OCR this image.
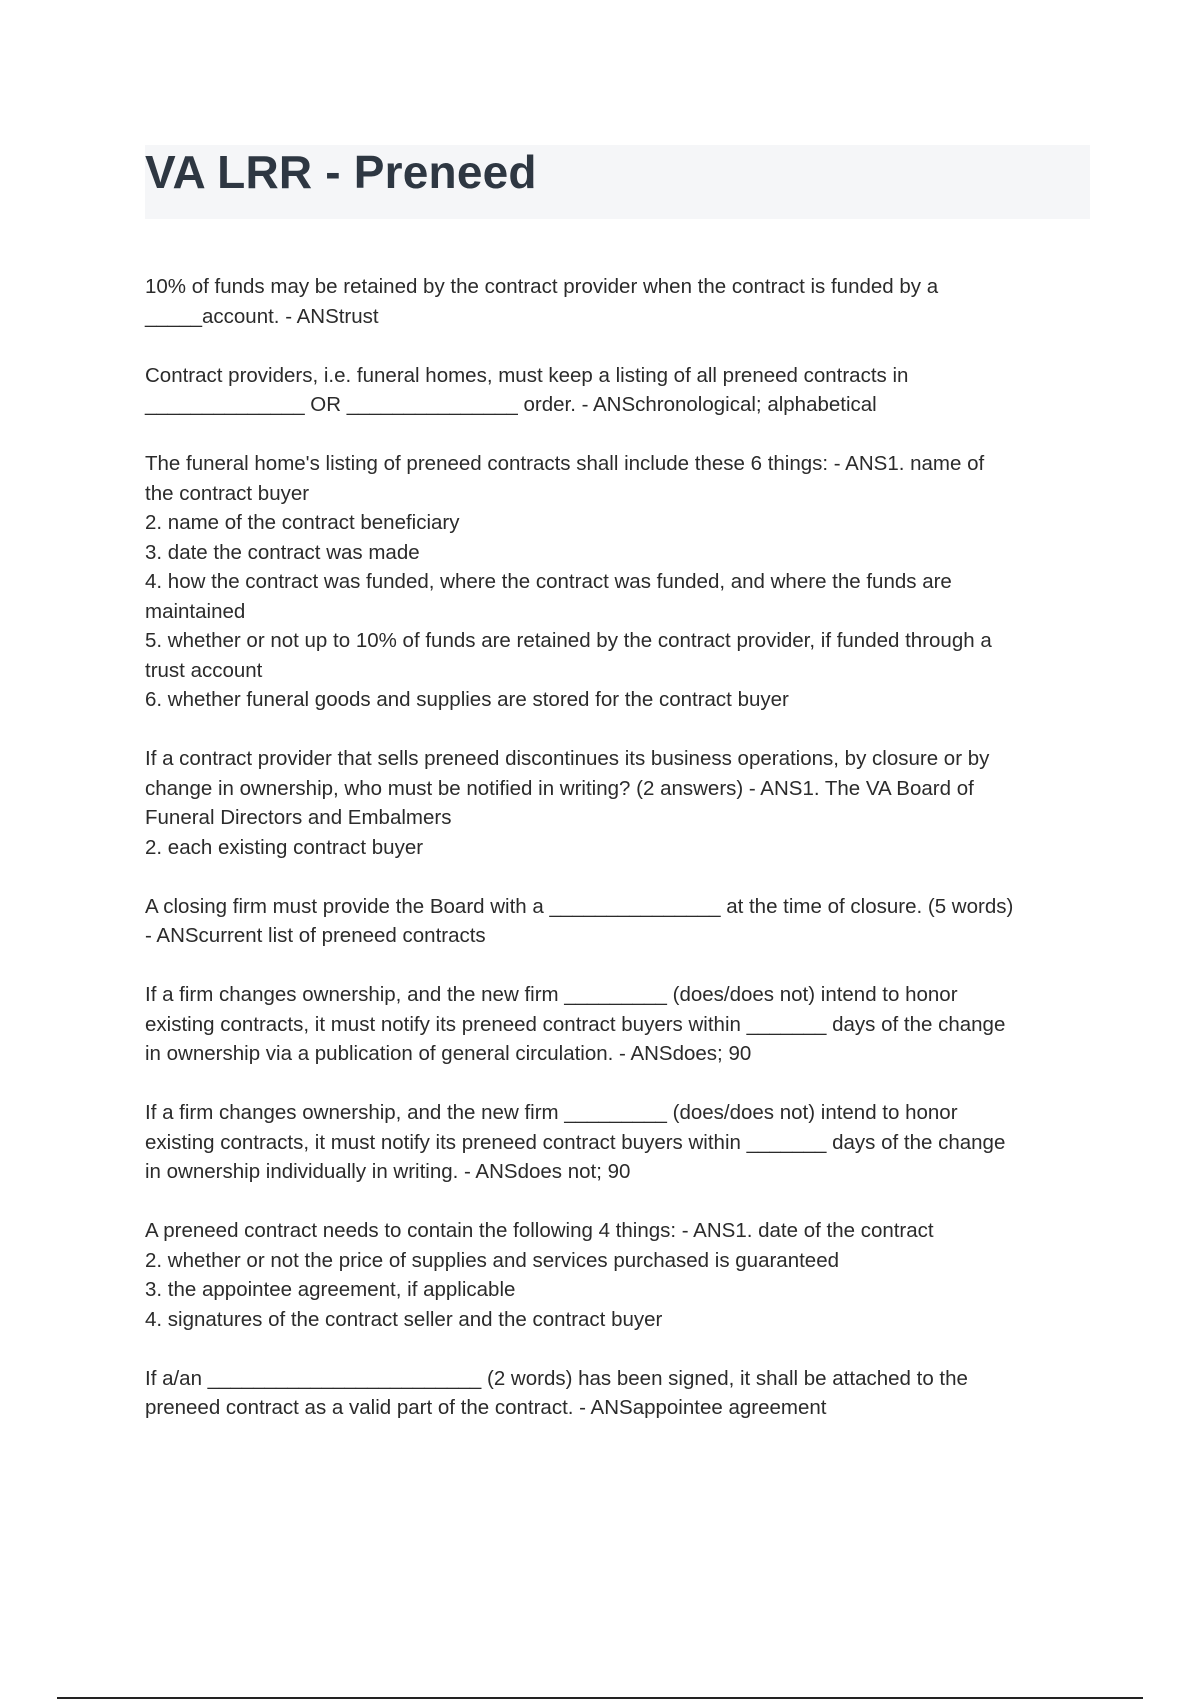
VA LRR - Preneed

10% of funds may be retained by the contract provider when the contract is funded by a

_____account. - ANStrust

Contract providers, i.e. funeral homes, must keep a listing of all preneed contracts in

______________ OR _______________ order. - ANSchronological; alphabetical

The funeral home's listing of preneed contracts shall include these 6 things: - ANS1. name of

the contract buyer

2. name of the contract beneficiary

3. date the contract was made

4. how the contract was funded, where the contract was funded, and where the funds are

maintained

5. whether or not up to 10% of funds are retained by the contract provider, if funded through a

trust account

6. whether funeral goods and supplies are stored for the contract buyer

If a contract provider that sells preneed discontinues its business operations, by closure or by

change in ownership, who must be notified in writing? (2 answers) - ANS1. The VA Board of

Funeral Directors and Embalmers

2. each existing contract buyer

A closing firm must provide the Board with a _______________ at the time of closure. (5 words)

- ANScurrent list of preneed contracts

If a firm changes ownership, and the new firm _________ (does/does not) intend to honor

existing contracts, it must notify its preneed contract buyers within _______ days of the change

in ownership via a publication of general circulation. - ANSdoes; 90

If a firm changes ownership, and the new firm _________ (does/does not) intend to honor

existing contracts, it must notify its preneed contract buyers within _______ days of the change

in ownership individually in writing. - ANSdoes not; 90

A preneed contract needs to contain the following 4 things: - ANS1. date of the contract

2. whether or not the price of supplies and services purchased is guaranteed

3. the appointee agreement, if applicable

4. signatures of the contract seller and the contract buyer

If a/an ________________________ (2 words) has been signed, it shall be attached to the

preneed contract as a valid part of the contract. - ANSappointee agreement
